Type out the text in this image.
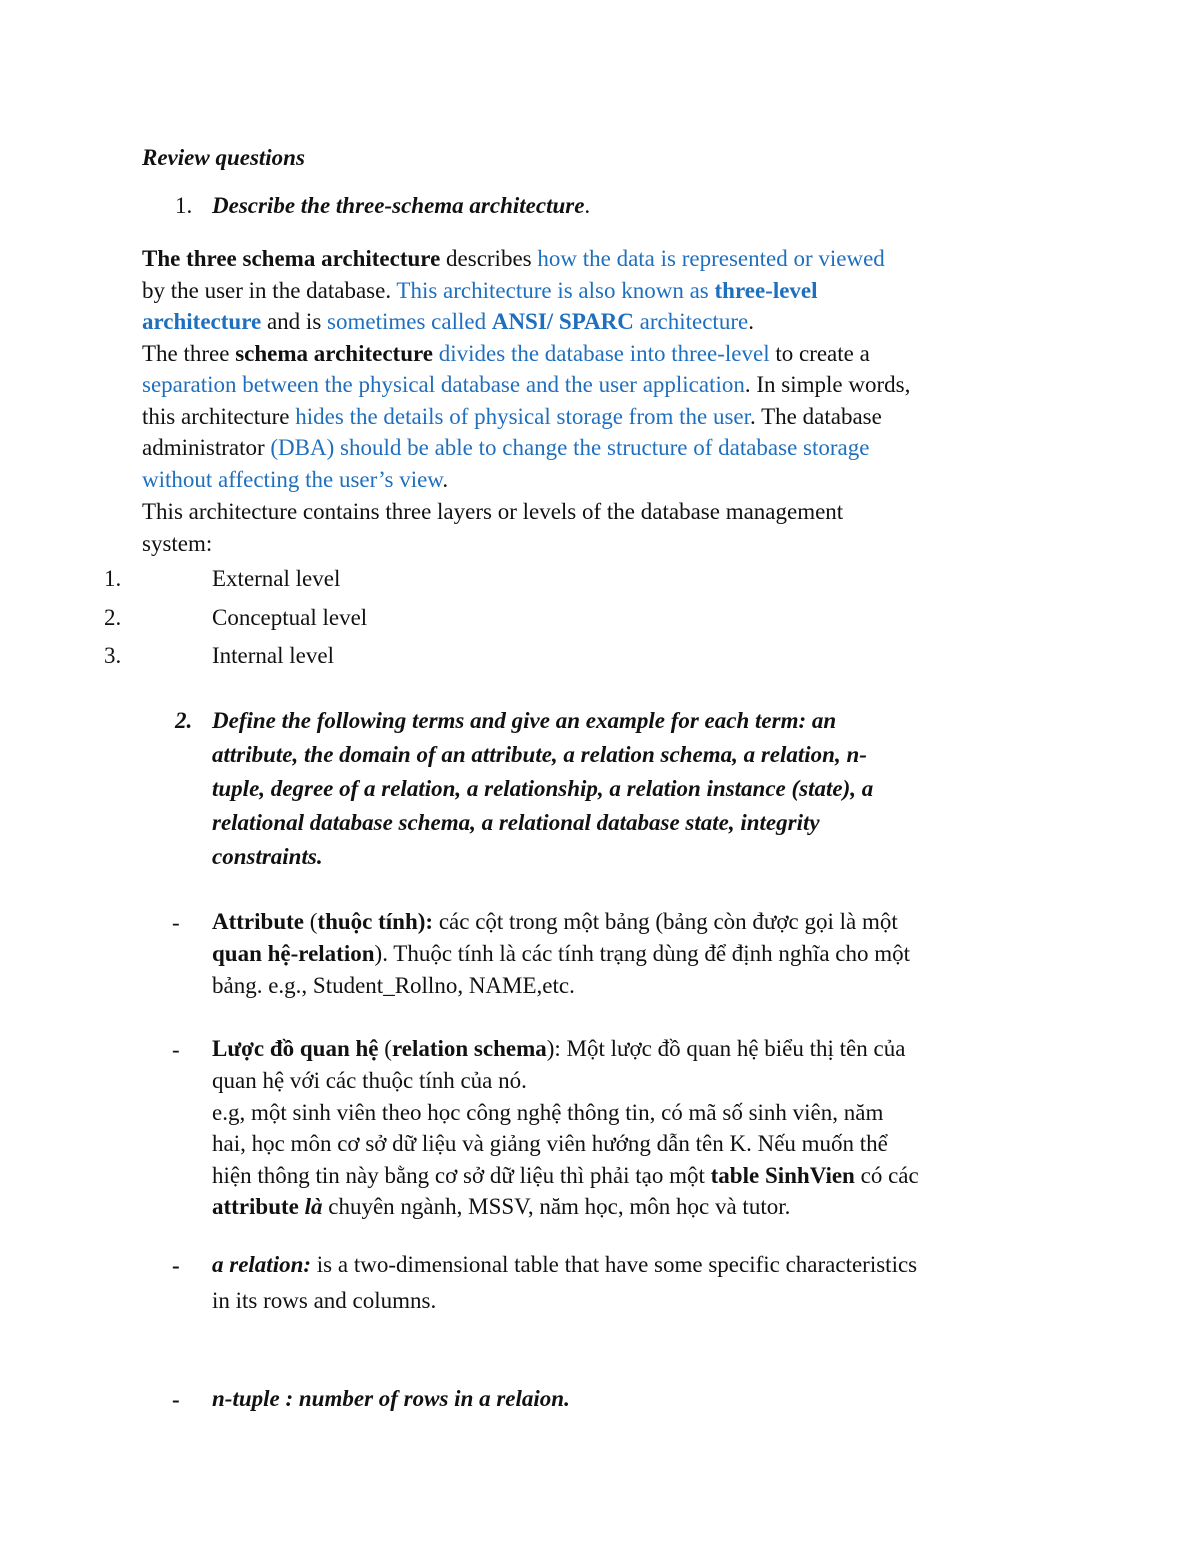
Review questions
1. Describe the three-schema architecture.
The three schema architecture describes how the data is represented or viewed
by the user in the database. This architecture is also known as three-level
architecture and is sometimes called ANSI/ SPARC architecture.
The three schema architecture divides the database into three-level to create a
separation between the physical database and the user application. In simple words,
this architecture hides the details of physical storage from the user. The database
administrator (DBA) should be able to change the structure of database storage
without affecting the user’s view.
This architecture contains three layers or levels of the database management
system:
1.	External level
2.	Conceptual level
3.	Internal level
2. Define the following terms and give an example for each term: an
attribute, the domain of an attribute, a relation schema, a relation, n-
tuple, degree of a relation, a relationship, a relation instance (state), a
relational database schema, a relational database state, integrity
constraints.
- Attribute (thuộc tính): các cột trong một bảng (bảng còn được gọi là một
quan hệ-relation). Thuộc tính là các tính trạng dùng để định nghĩa cho một
bảng. e.g., Student_Rollno, NAME,etc.
- Lược đồ quan hệ (relation schema): Một lược đồ quan hệ biểu thị tên của
quan hệ với các thuộc tính của nó.
e.g, một sinh viên theo học công nghệ thông tin, có mã số sinh viên, năm
hai, học môn cơ sở dữ liệu và giảng viên hướng dẫn tên K. Nếu muốn thể
hiện thông tin này bằng cơ sở dữ liệu thì phải tạo một table SinhVien có các
attribute là chuyên ngành, MSSV, năm học, môn học và tutor.
- a relation: is a two-dimensional table that have some specific characteristics
in its rows and columns.
- n-tuple : number of rows in a relaion.
